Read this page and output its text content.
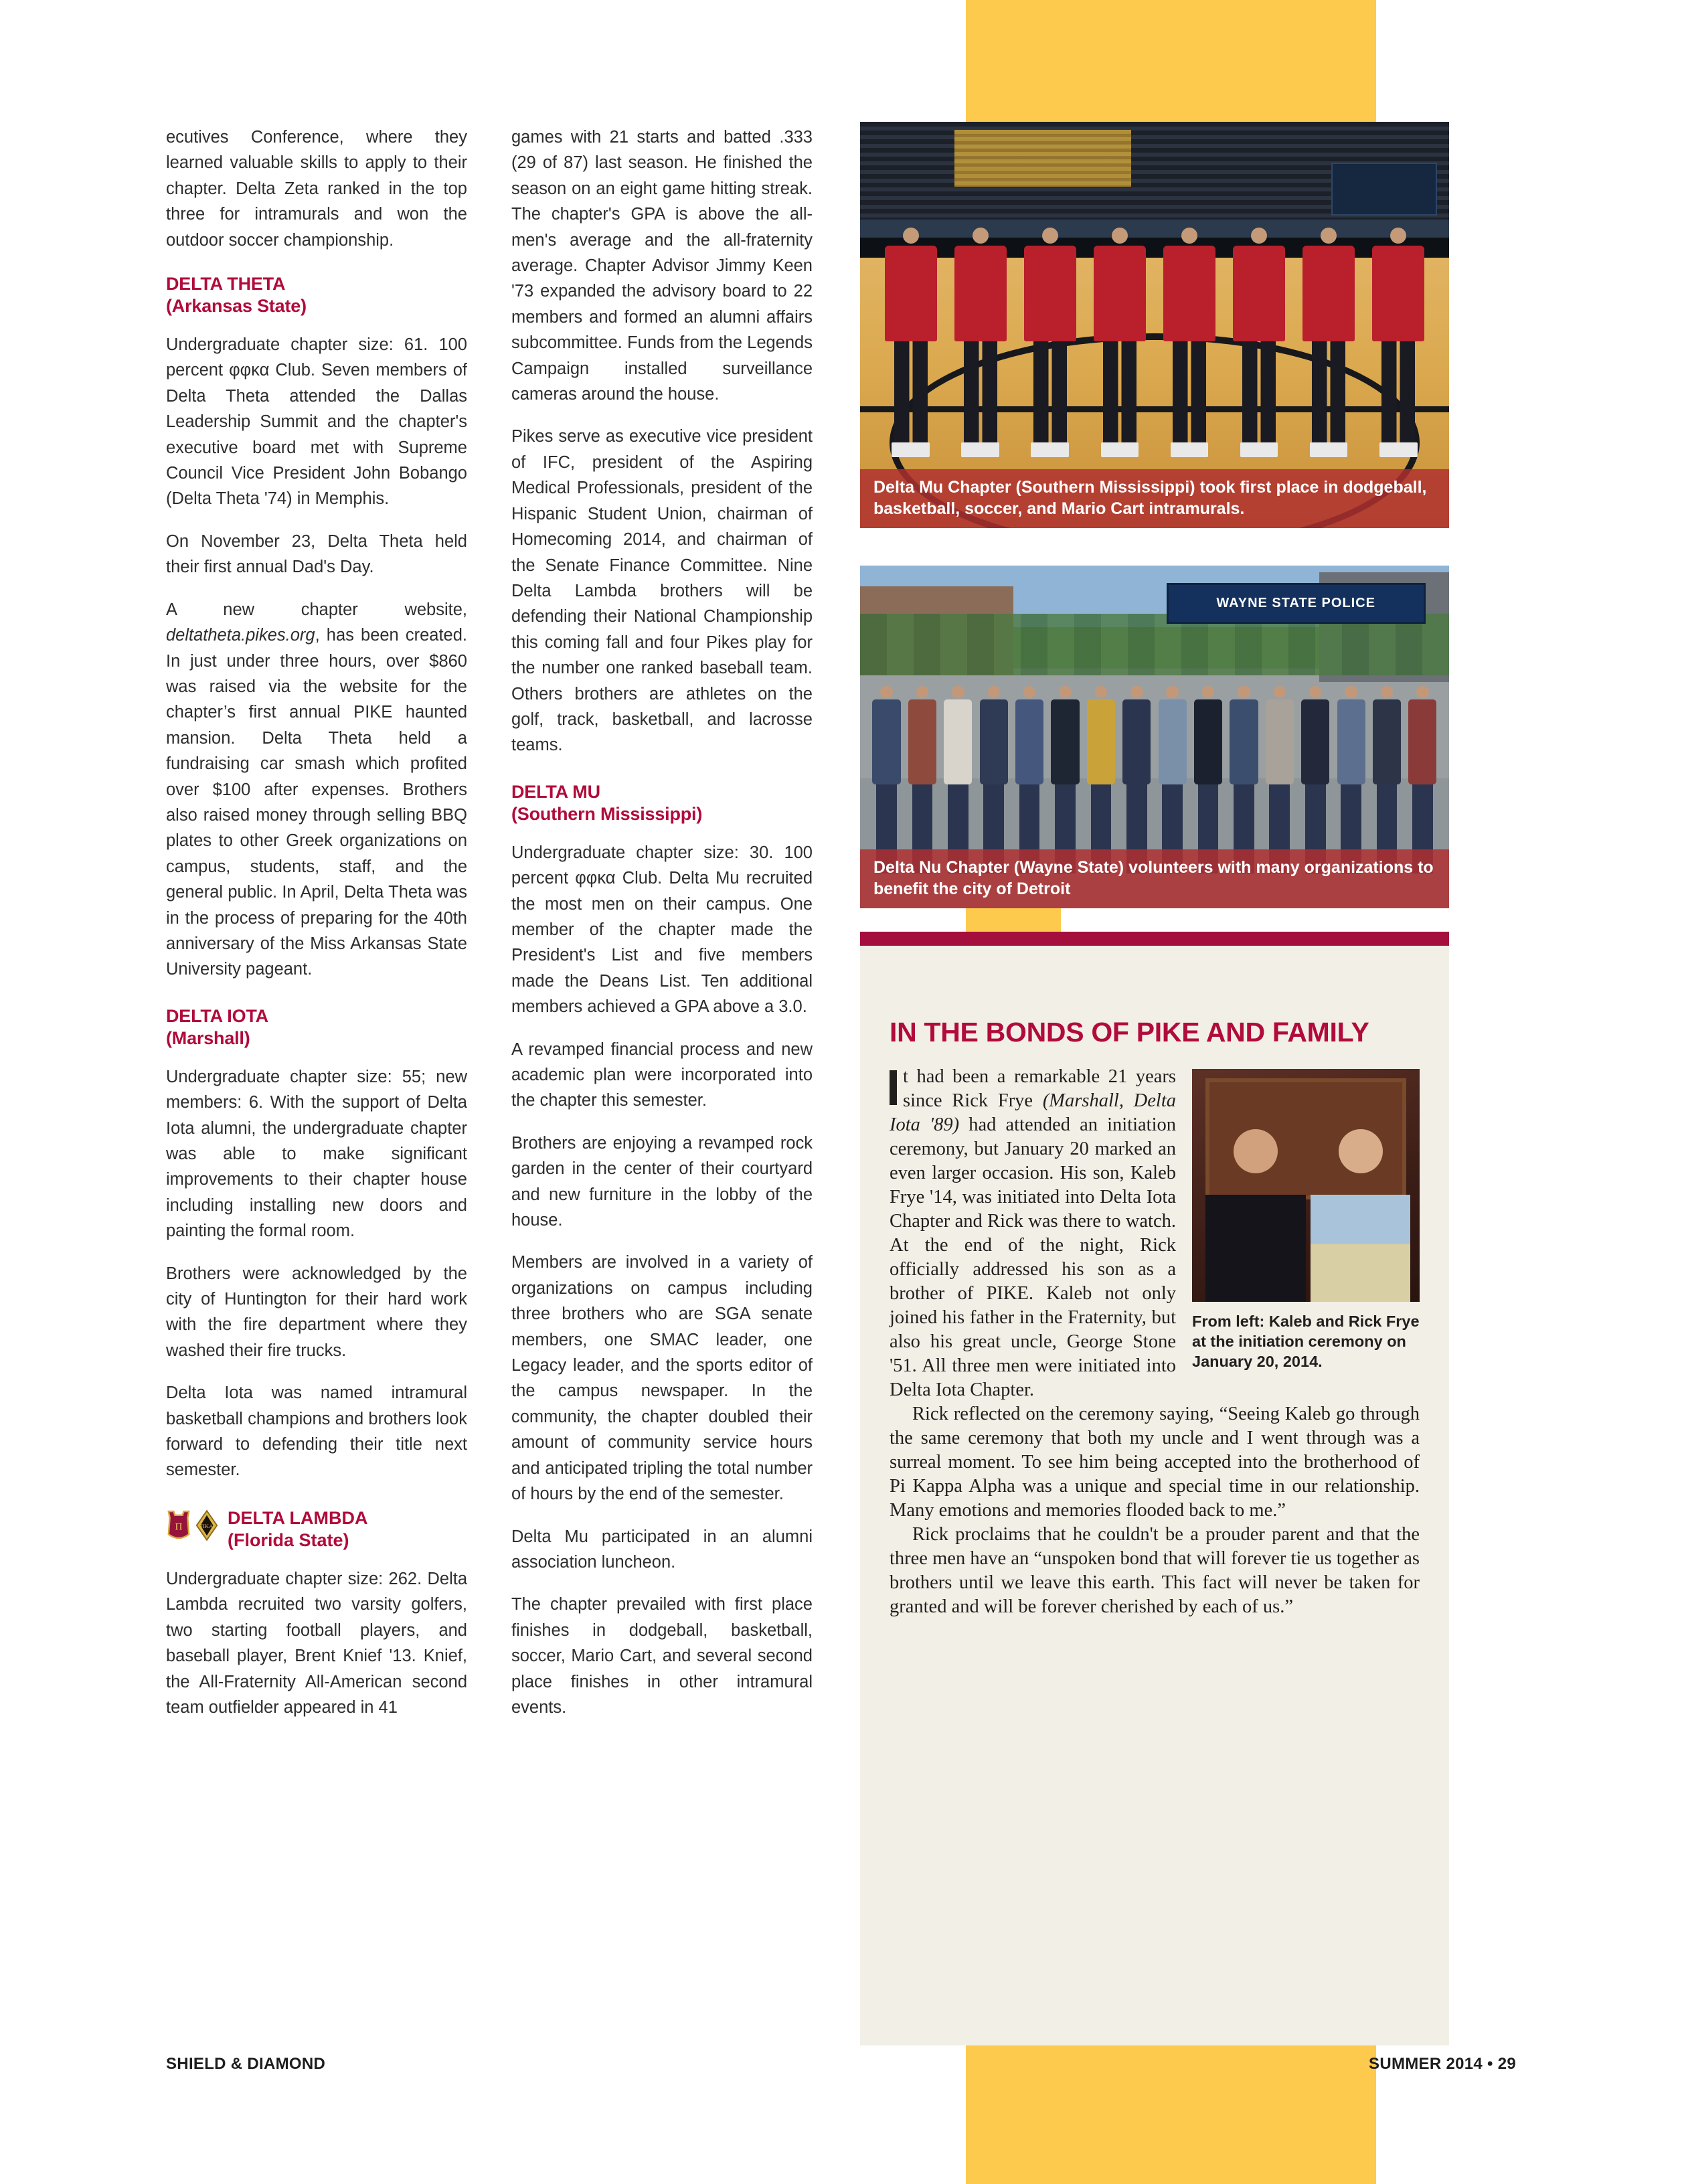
ecutives Conference, where they learned valuable skills to apply to their chapter. Delta Zeta ranked in the top three for intramurals and won the outdoor soccer championship.

DELTA THETA
(Arkansas State)

Undergraduate chapter size: 61. 100 percent φφκα Club. Seven members of Delta Theta attended the Dallas Leadership Summit and the chapter's executive board met with Supreme Council Vice President John Bobango (Delta Theta '74) in Memphis.

On November 23, Delta Theta held their first annual Dad's Day.

A new chapter website, deltatheta.pikes.org, has been created. In just under three hours, over $860 was raised via the website for the chapter’s first annual PIKE haunted mansion. Delta Theta held a fundraising car smash which profited over $100 after expenses. Brothers also raised money through selling BBQ plates to other Greek organizations on campus, students, staff, and the general public. In April, Delta Theta was in the process of preparing for the 40th anniversary of the Miss Arkansas State University pageant.

DELTA IOTA
(Marshall)

Undergraduate chapter size: 55; new members: 6. With the support of Delta Iota alumni, the undergraduate chapter was able to make significant improvements to their chapter house including installing new doors and painting the formal room.

Brothers were acknowledged by the city of Huntington for their hard work with the fire department where they washed their fire trucks.

Delta Iota was named intramural basketball champions and brothers look forward to defending their title next semester.

Π	ΠKA DELTA LAMBDA
(Florida State)

Undergraduate chapter size: 262. Delta Lambda recruited two varsity golfers, two starting football players, and baseball player, Brent Knief '13. Knief, the All-Fraternity All-American second team outfielder appeared in 41

games with 21 starts and batted .333 (29 of 87) last season. He finished the season on an eight game hitting streak. The chapter's GPA is above the all-men's average and the all-fraternity average. Chapter Advisor Jimmy Keen '73 expanded the advisory board to 22 members and formed an alumni affairs subcommittee. Funds from the Legends Campaign installed surveillance cameras around the house.

Pikes serve as executive vice president of IFC, president of the Aspiring Medical Professionals, president of the Hispanic Student Union, chairman of Homecoming 2014, and chairman of the Senate Finance Committee. Nine Delta Lambda brothers will be defending their National Championship this coming fall and four Pikes play for the number one ranked baseball team. Others brothers are athletes on the golf, track, basketball, and lacrosse teams.

DELTA MU
(Southern Mississippi)

Undergraduate chapter size: 30. 100 percent φφκα Club. Delta Mu recruited the most men on their campus. One member of the chapter made the President's List and five members made the Deans List. Ten additional members achieved a GPA above a 3.0.

A revamped financial process and new academic plan were incorporated into the chapter this semester.

Brothers are enjoying a revamped rock garden in the center of their courtyard and new furniture in the lobby of the house.

Members are involved in a variety of organizations on campus including three brothers who are SGA senate members, one SMAC leader, one Legacy leader, and the sports editor of the campus newspaper. In the community, the chapter doubled their amount of community service hours and anticipated tripling the total number of hours by the end of the semester.

Delta Mu participated in an alumni association luncheon.

The chapter prevailed with first place finishes in dodgeball, basketball, soccer, Mario Cart, and several second place finishes in other intramural events.

Delta Mu Chapter (Southern Mississippi) took first place in dodgeball, basketball, soccer, and Mario Cart intramurals.
WAYNE STATE POLICE
Delta Nu Chapter (Wayne State) volunteers with many organizations to benefit the city of Detroit
IN THE BONDS OF PIKE AND FAMILY
From left: Kaleb and Rick Frye at the initiation ceremony on January 20, 2014.

t had been a remarkable 21 years since Rick Frye (Marshall, Delta Iota '89) had attended an initiation ceremony, but January 20 marked an even larger occasion. His son, Kaleb Frye '14, was initiated into Delta Iota Chapter and Rick was there to watch. At the end of the night, Rick officially addressed his son as a brother of PIKE. Kaleb not only joined his father in the Fraternity, but also his great uncle, George Stone '51. All three men were initiated into Delta Iota Chapter.

Rick reflected on the ceremony saying, “Seeing Kaleb go through the same ceremony that both my uncle and I went through was a surreal moment. To see him being accepted into the brotherhood of Pi Kappa Alpha was a unique and special time in our relationship. Many emotions and memories flooded back to me.”

Rick proclaims that he couldn't be a prouder parent and that the three men have an “unspoken bond that will forever tie us together as brothers until we leave this earth. This fact will never be taken for granted and will be forever cherished by each of us.”

SHIELD & DIAMOND	SUMMER 2014 • 29
